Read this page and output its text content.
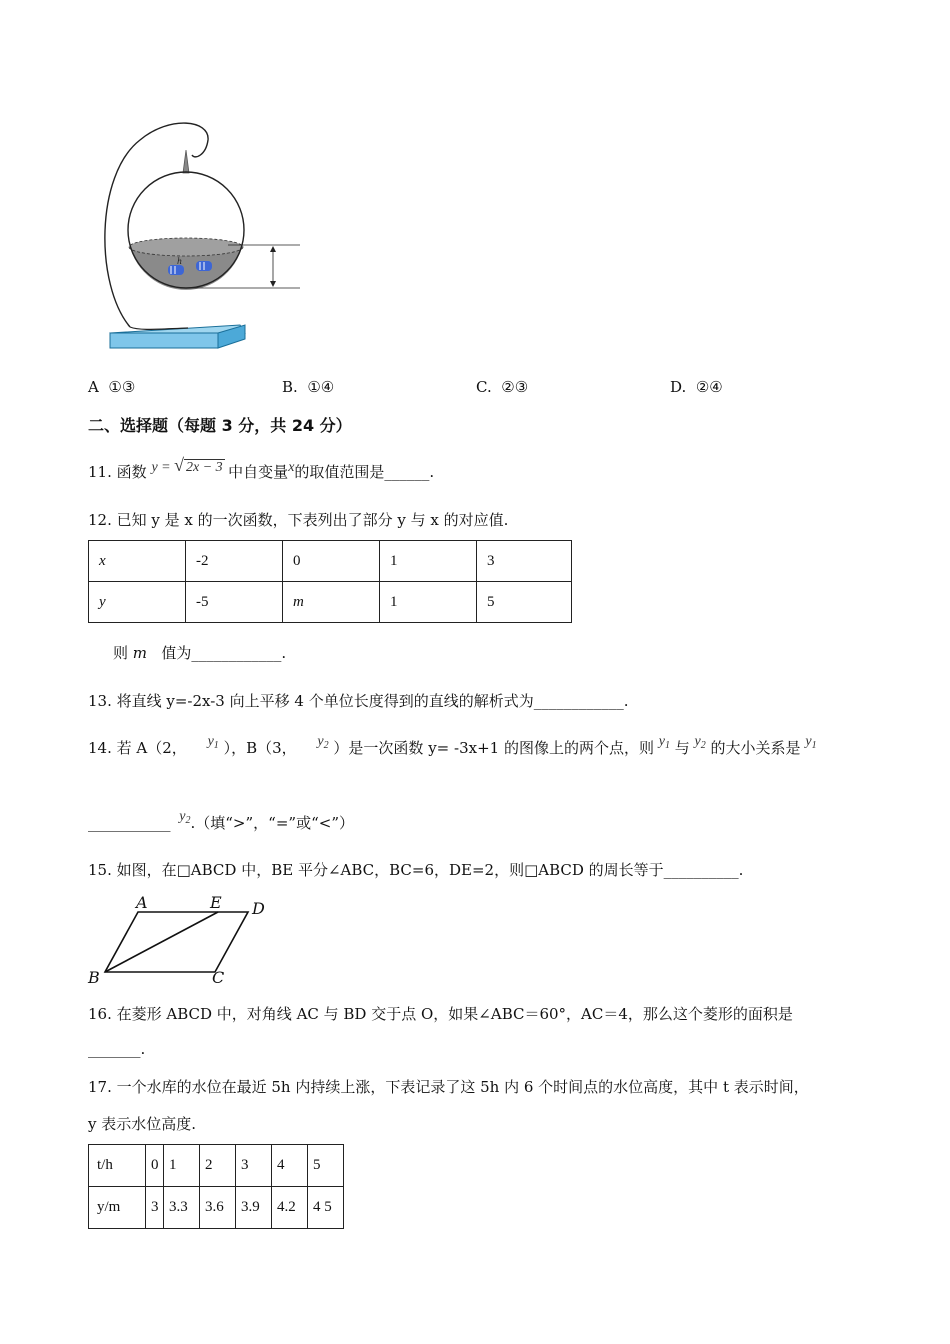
h
A ①③	B. ①④	C. ②③	D. ②④
二、选择题（每题 3 分，共 24 分）
11. 函数 y = √ 2x − 3 中自变量x的取值范围是______.
12. 已知 y 是 x 的一次函数，下表列出了部分 y 与 x 的对应值.
x	-2	0	1	3
y	-5	m	1	5
则 m 值为____________.
13. 将直线 y=-2x-3 向上平移 4 个单位长度得到的直线的解析式为____________.
14. 若 A（2， $y_1$ ），B（3， $y_2$ ）是一次函数 y= -3x+1 的图像上的两个点，则 $y_1$ 与 $y_2$ 的大小关系是 $y_1$
___________ $y_2$.（填“>”，“=”或“<”）
15. 如图，在□ABCD 中，BE 平分∠ABC，BC=6，DE=2，则□ABCD 的周长等于__________.
A	E D
B	C
16. 在菱形 ABCD 中，对角线 AC 与 BD 交于点 O，如果∠ABC＝60°，AC＝4，那么这个菱形的面积是
_______.
17. 一个水库的水位在最近 5h 内持续上涨，下表记录了这 5h 内 6 个时间点的水位高度，其中 t 表示时间，
y 表示水位高度.
t/h	0	1	2	3	4	5
y/m	3	3.3	3.6	3.9	4.2	4 5
